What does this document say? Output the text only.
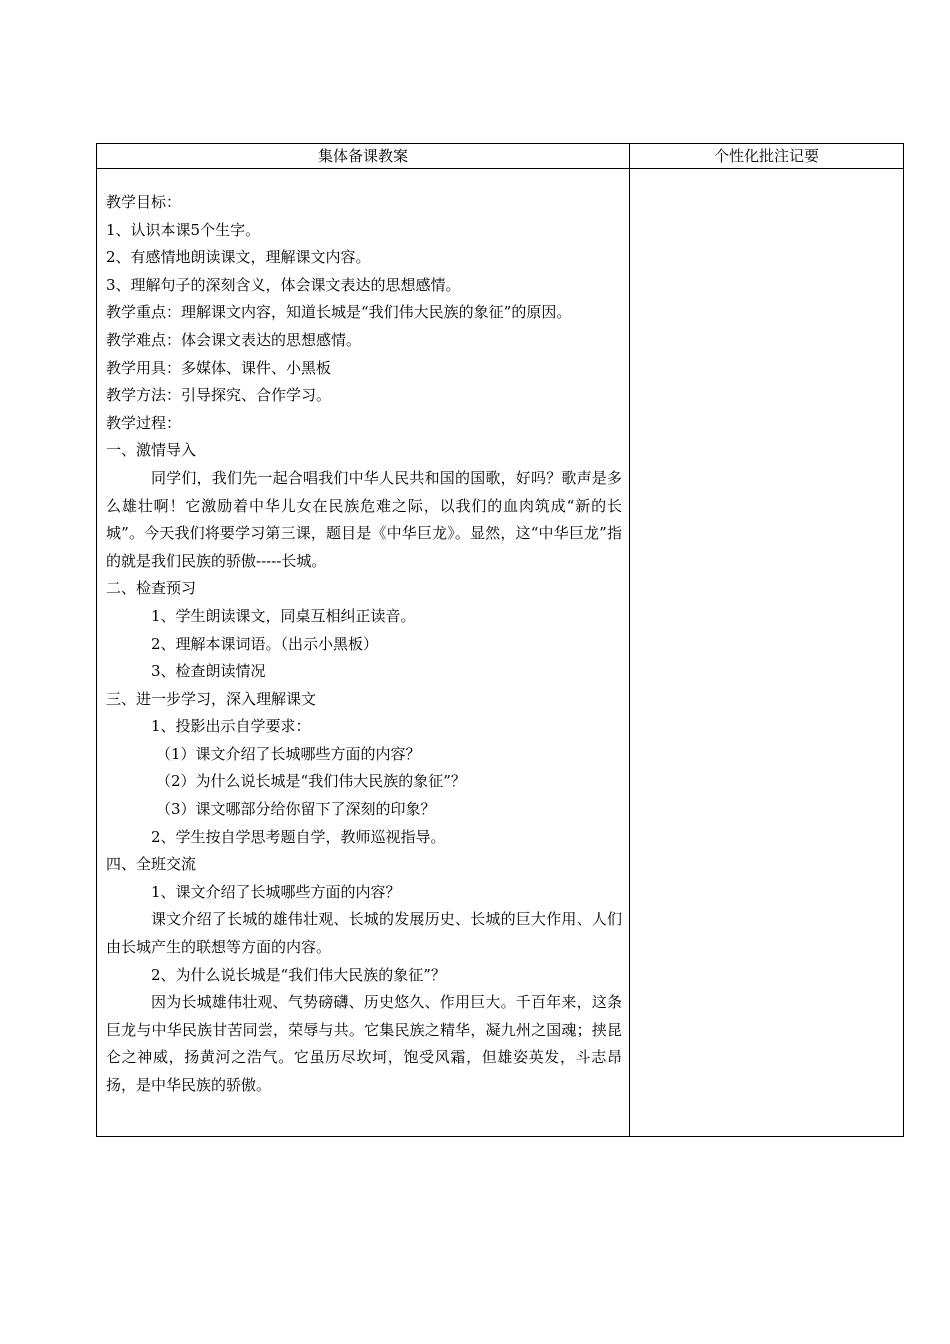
集体备课教案	个性化批注记要

教学目标：

1、认识本课5个生字。

2、有感情地朗读课文，理解课文内容。

3、理解句子的深刻含义，体会课文表达的思想感情。

教学重点：理解课文内容，知道长城是“我们伟大民族的象征”的原因。

教学难点：体会课文表达的思想感情。

教学用具：多媒体、课件、小黑板

教学方法：引导探究、合作学习。

教学过程：

一、激情导入

同学们，我们先一起合唱我们中华人民共和国的国歌，好吗？歌声是多么雄壮啊！它激励着中华儿女在民族危难之际，以我们的血肉筑成“新的长城”。今天我们将要学习第三课，题目是《中华巨龙》。显然，这“中华巨龙”指的就是我们民族的骄傲-----长城。

二、检查预习

1、学生朗读课文，同桌互相纠正读音。

2、理解本课词语。（出示小黑板）

3、检查朗读情况

三、进一步学习，深入理解课文

1、投影出示自学要求：

（1）课文介绍了长城哪些方面的内容？

（2）为什么说长城是“我们伟大民族的象征”？

（3）课文哪部分给你留下了深刻的印象？

2、学生按自学思考题自学，教师巡视指导。

四、全班交流

1、课文介绍了长城哪些方面的内容？

课文介绍了长城的雄伟壮观、长城的发展历史、长城的巨大作用、人们由长城产生的联想等方面的内容。

2、为什么说长城是“我们伟大民族的象征”？

因为长城雄伟壮观、气势磅礴、历史悠久、作用巨大。千百年来，这条巨龙与中华民族甘苦同尝，荣辱与共。它集民族之精华，凝九州之国魂；挟昆仑之神威，扬黄河之浩气。它虽历尽坎坷，饱受风霜，但雄姿英发，斗志昂扬，是中华民族的骄傲。
